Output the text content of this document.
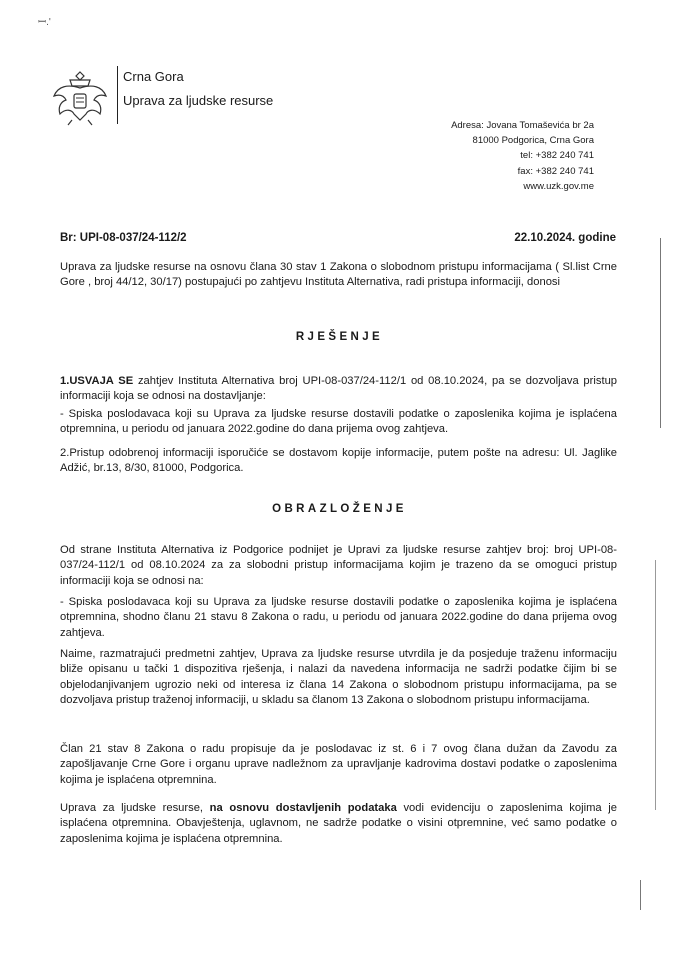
ꟷ.'
Crna Gora
Uprava za ljudske resurse
Adresa: Jovana Tomaševića br 2a
81000 Podgorica, Crna Gora
tel: +382 240 741
fax: +382 240 741
www.uzk.gov.me
Br: UPI-08-037/24-112/2	22.10.2024. godine

Uprava za ljudske resurse na osnovu člana 30 stav 1 Zakona o slobodnom pristupu informacijama ( Sl.list Crne Gore , broj 44/12, 30/17) postupajući po zahtjevu Instituta Alternativa, radi pristupa informaciji, donosi

RJEŠENJE

1.USVAJA SE zahtjev Instituta Alternativa broj UPI-08-037/24-112/1 od 08.10.2024, pa se dozvoljava pristup informaciji koja se odnosi na dostavljanje:

- Spiska poslodavaca koji su Uprava za ljudske resurse dostavili podatke o zaposlenika kojima je isplaćena otpremnina, u periodu od januara 2022.godine do dana prijema ovog zahtjeva.

2.Pristup odobrenoj informaciji isporučiće se dostavom kopije informacije, putem pošte na adresu: Ul. Jaglike Adžić, br.13, 8/30, 81000, Podgorica.

OBRAZLOŽENJE

Od strane Instituta Alternativa iz Podgorice podnijet je Upravi za ljudske resurse zahtjev broj: broj UPI-08-037/24-112/1 od 08.10.2024 za za slobodni pristup informacijama kojim je trazeno da se omoguci pristup informaciji koja se odnosi na:

- Spiska poslodavaca koji su Uprava za ljudske resurse dostavili podatke o zaposlenika kojima je isplaćena otpremnina, shodno članu 21 stavu 8 Zakona o radu, u periodu od januara 2022.godine do dana prijema ovog zahtjeva.

Naime, razmatrajući predmetni zahtjev, Uprava za ljudske resurse utvrdila je da posjeduje traženu informaciju bliže opisanu u tački 1 dispozitiva rješenja, i nalazi da navedena informacija ne sadrži podatke čijim bi se objelodanjivanjem ugrozio neki od interesa iz člana 14 Zakona o slobodnom pristupu informacijama, pa se dozvoljava pristup traženoj informaciji, u skladu sa članom 13 Zakona o slobodnom pristupu informacijama.

Član 21 stav 8 Zakona o radu propisuje da je poslodavac iz st. 6 i 7 ovog člana dužan da Zavodu za zapošljavanje Crne Gore i organu uprave nadležnom za upravljanje kadrovima dostavi podatke o zaposlenima kojima je isplaćena otpremnina.

Uprava za ljudske resurse, na osnovu dostavljenih podataka vodi evidenciju o zaposlenima kojima je isplaćena otpremnina. Obavještenja, uglavnom, ne sadrže podatke o visini otpremnine, već samo podatke o zaposlenima kojima je isplaćena otpremnina.
